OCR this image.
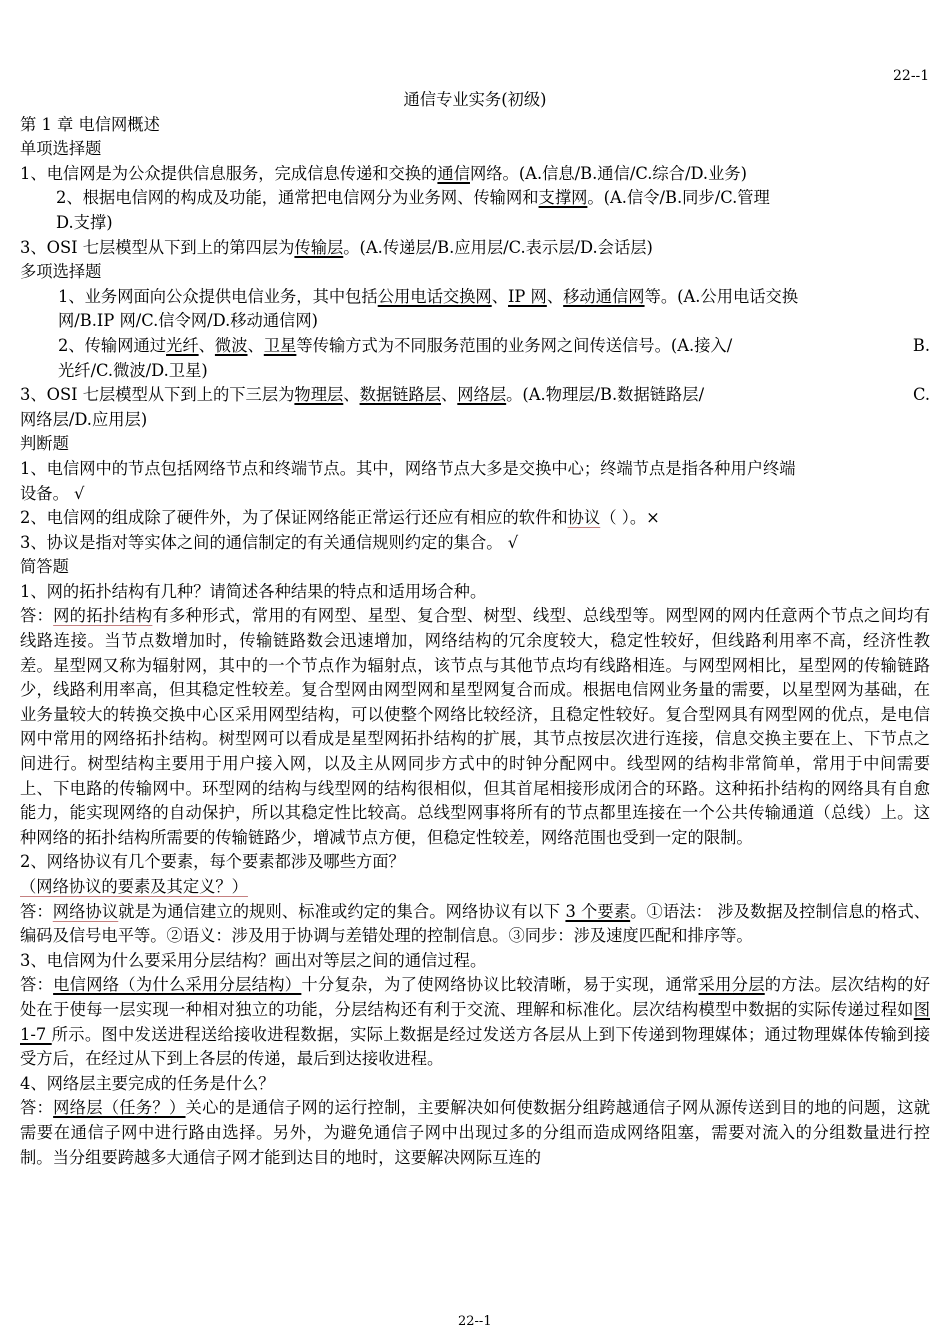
22--1
通信专业实务(初级)
第 1 章 电信网概述
单项选择题
1、电信网是为公众提供信息服务，完成信息传递和交换的通信网络。(A.信息/B.通信/C.综合/D.业务)
2、根据电信网的构成及功能，通常把电信网分为业务网、传输网和支撑网。(A.信令/B.同步/C.管理
D.支撑)
3、OSI 七层模型从下到上的第四层为传输层。(A.传递层/B.应用层/C.表示层/D.会话层)
多项选择题
1、业务网面向公众提供电信业务，其中包括公用电话交换网、IP 网、移动通信网等。(A.公用电话交换
网/B.IP 网/C.信令网/D.移动通信网)
2、传输网通过光纤、微波、卫星等传输方式为不同服务范围的业务网之间传送信号。(A.接入/	B.
光纤/C.微波/D.卫星)
3、OSI 七层模型从下到上的下三层为物理层、数据链路层、网络层。(A.物理层/B.数据链路层/	C.
网络层/D.应用层)
判断题
1、电信网中的节点包括网络节点和终端节点。其中，网络节点大多是交换中心；终端节点是指各种用户终端
设备。 √
2、电信网的组成除了硬件外，为了保证网络能正常运行还应有相应的软件和协议（ ）。×
3、协议是指对等实体之间的通信制定的有关通信规则约定的集合。 √
简答题
1、网的拓扑结构有几种？请简述各种结果的特点和适用场合种。
答：网的拓扑结构有多种形式，常用的有网型、星型、复合型、树型、线型、总线型等。网型网的网内任意两个节点之间均有线路连接。当节点数增加时，传输链路数会迅速增加，网络结构的冗余度较大，稳定性较好，但线路利用率不高，经济性教差。星型网又称为辐射网，其中的一个节点作为辐射点，该节点与其他节点均有线路相连。与网型网相比，星型网的传输链路少，线路利用率高，但其稳定性较差。复合型网由网型网和星型网复合而成。根据电信网业务量的需要，以星型网为基础，在业务量较大的转换交换中心区采用网型结构，可以使整个网络比较经济，且稳定性较好。复合型网具有网型网的优点，是电信网中常用的网络拓扑结构。树型网可以看成是星型网拓扑结构的扩展，其节点按层次进行连接，信息交换主要在上、下节点之间进行。树型结构主要用于用户接入网，以及主从网同步方式中的时钟分配网中。线型网的结构非常简单，常用于中间需要上、下电路的传输网中。环型网的结构与线型网的结构很相似，但其首尾相接形成闭合的环路。这种拓扑结构的网络具有自愈能力，能实现网络的自动保护，所以其稳定性比较高。总线型网事将所有的节点都里连接在一个公共传输通道（总线）上。这种网络的拓扑结构所需要的传输链路少，增减节点方便，但稳定性较差，网络范围也受到一定的限制。
2、网络协议有几个要素，每个要素都涉及哪些方面？
（网络协议的要素及其定义？）
答：网络协议就是为通信建立的规则、标准或约定的集合。网络协议有以下 3 个要素。①语法： 涉及数据及控制信息的格式、编码及信号电平等。②语义：涉及用于协调与差错处理的控制信息。③同步：涉及速度匹配和排序等。
3、电信网为什么要采用分层结构？画出对等层之间的通信过程。
答：电信网络（为什么采用分层结构）十分复杂，为了使网络协议比较清晰，易于实现，通常采用分层的方法。层次结构的好处在于使每一层实现一种相对独立的功能，分层结构还有利于交流、理解和标准化。层次结构模型中数据的实际传递过程如图 1-7 所示。图中发送进程送给接收进程数据，实际上数据是经过发送方各层从上到下传递到物理媒体；通过物理媒体传输到接受方后，在经过从下到上各层的传递，最后到达接收进程。
4、网络层主要完成的任务是什么？
答：网络层（任务？）关心的是通信子网的运行控制，主要解决如何使数据分组跨越通信子网从源传送到目的地的问题，这就需要在通信子网中进行路由选择。另外，为避免通信子网中出现过多的分组而造成网络阻塞，需要对流入的分组数量进行控制。当分组要跨越多大通信子网才能到达目的地时，这要解决网际互连的
22--1
